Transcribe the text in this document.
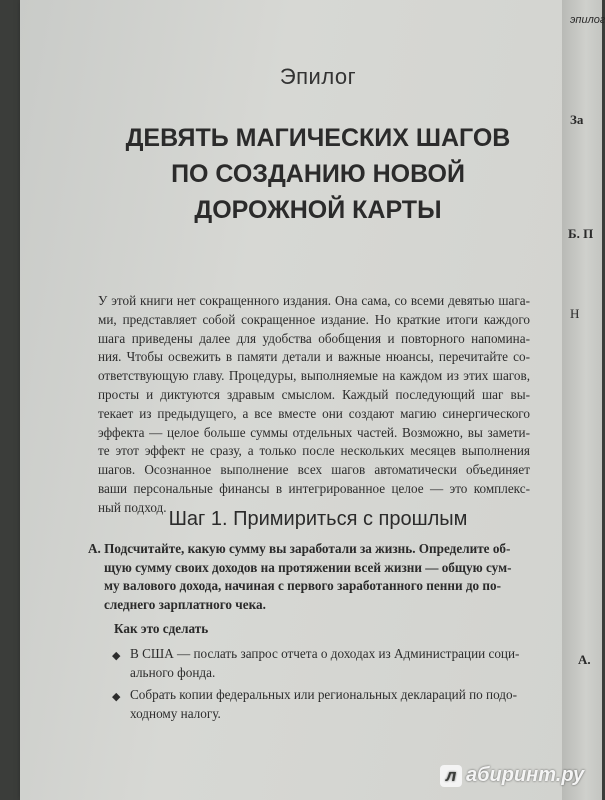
Эпилог
ДЕВЯТЬ МАГИЧЕСКИХ ШАГОВ
ПО СОЗДАНИЮ НОВОЙ
ДОРОЖНОЙ КАРТЫ
У этой книги нет сокращенного издания. Она сама, со всеми девятью шага-
ми, представляет собой сокращенное издание. Но краткие итоги каждого
шага приведены далее для удобства обобщения и повторного напомина-
ния. Чтобы освежить в памяти детали и важные нюансы, перечитайте со-
ответствующую главу. Процедуры, выполняемые на каждом из этих шагов,
просты и диктуются здравым смыслом. Каждый последующий шаг вы-
текает из предыдущего, а все вместе они создают магию синергического
эффекта — целое больше суммы отдельных частей. Возможно, вы замети-
те этот эффект не сразу, а только после нескольких месяцев выполнения
шагов. Осознанное выполнение всех шагов автоматически объединяет
ваши персональные финансы в интегрированное целое — это комплекс-
ный подход.
Шаг 1. Примириться с прошлым
А. Подсчитайте, какую сумму вы заработали за жизнь. Определите об-
щую сумму своих доходов на протяжении всей жизни — общую сум-
му валового дохода, начиная с первого заработанного пенни до по-
следнего зарплатного чека.
Как это сделать
◆ В США — послать запрос отчета о доходах из Администрации соци-
ального фонда.
◆ Собрать копии федеральных или региональных деклараций по подо-
ходному налогу.
эпилог
За
Б. П
Н
А.
л абиринт.ру
